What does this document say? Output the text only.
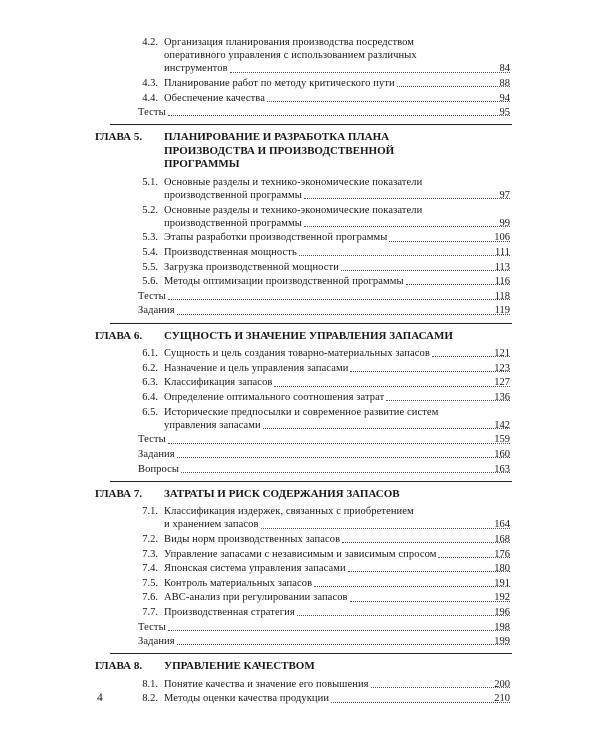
4.2. Организация планирования производства посредством
оперативного управления с использованием различных
инструментов	84
4.3. Планирование работ по методу критического пути	88
4.4. Обеспечение качества	94
Тесты	95
ГЛАВА 5. ПЛАНИРОВАНИЕ И РАЗРАБОТКА ПЛАНА
ПРОИЗВОДСТВА И ПРОИЗВОДСТВЕННОЙ
ПРОГРАММЫ
5.1. Основные разделы и технико-экономические показатели
производственной программы	97
5.2. Основные разделы и технико-экономические показатели
производственной программы	99
5.3. Этапы разработки производственной программы	106
5.4. Производственная мощность	111
5.5. Загрузка производственной мощности	113
5.6. Методы оптимизации производственной программы	116
Тесты	118
Задания	119
ГЛАВА 6. СУЩНОСТЬ И ЗНАЧЕНИЕ УПРАВЛЕНИЯ ЗАПАСАМИ
6.1. Сущность и цель создания товарно-материальных запасов	121
6.2. Назначение и цель управления запасами	123
6.3. Классификация запасов	127
6.4. Определение оптимального соотношения затрат	136
6.5. Исторические предпосылки и современное развитие систем
управления запасами	142
Тесты	159
Задания	160
Вопросы	163
ГЛАВА 7. ЗАТРАТЫ И РИСК СОДЕРЖАНИЯ ЗАПАСОВ
7.1. Классификация издержек, связанных с приобретением
и хранением запасов	164
7.2. Виды норм производственных запасов	168
7.3. Управление запасами с независимым и зависимым спросом	176
7.4. Японская система управления запасами	180
7.5. Контроль материальных запасов	191
7.6. ABC-анализ при регулировании запасов	192
7.7. Производственная стратегия	196
Тесты	198
Задания	199
ГЛАВА 8. УПРАВЛЕНИЕ КАЧЕСТВОМ
8.1. Понятие качества и значение его повышения	200
8.2. Методы оценки качества продукции	210
4
